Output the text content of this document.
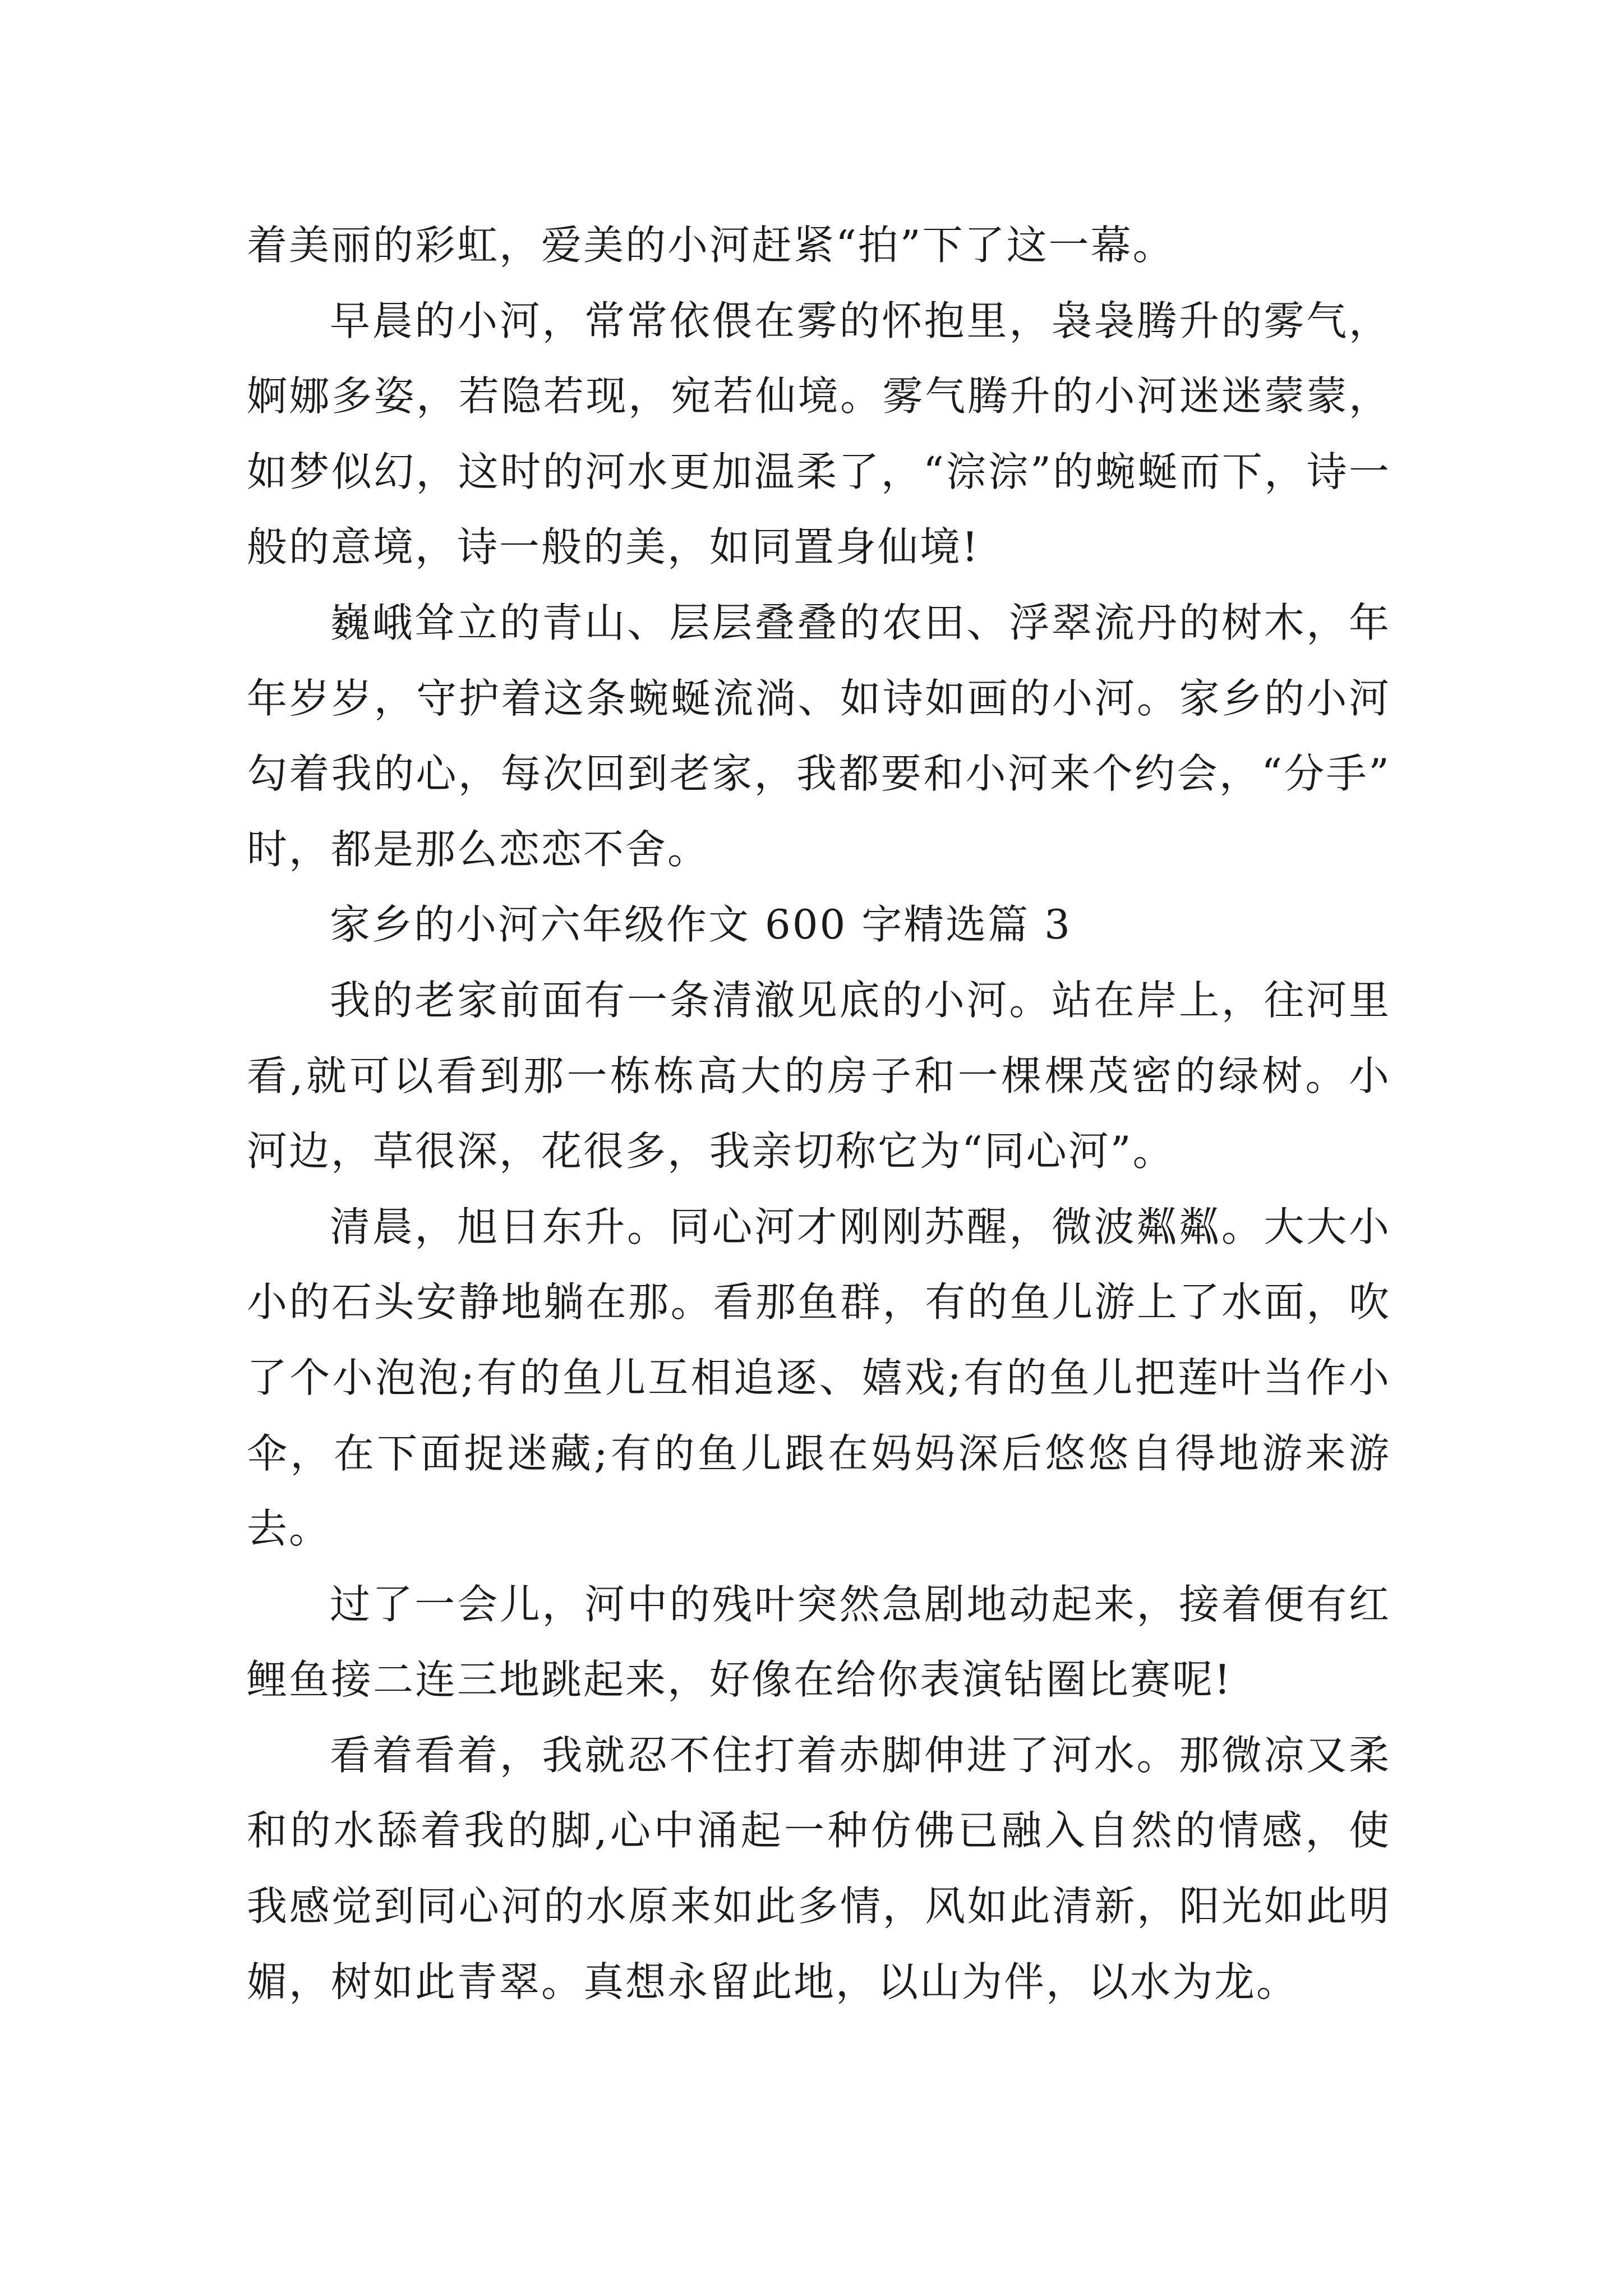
着美丽的彩虹，爱美的小河赶紧“拍”下了这一幕。

早晨的小河，常常依偎在雾的怀抱里，袅袅腾升的雾气，婀娜多姿，若隐若现，宛若仙境。雾气腾升的小河迷迷蒙蒙，如梦似幻，这时的河水更加温柔了，“淙淙”的蜿蜒而下，诗一般的意境，诗一般的美，如同置身仙境!

巍峨耸立的青山、层层叠叠的农田、浮翠流丹的树木，年年岁岁，守护着这条蜿蜒流淌、如诗如画的小河。家乡的小河勾着我的心，每次回到老家，我都要和小河来个约会，“分手”时，都是那么恋恋不舍。

家乡的小河六年级作文 600 字精选篇 3

我的老家前面有一条清澈见底的小河。站在岸上，往河里看,就可以看到那一栋栋高大的房子和一棵棵茂密的绿树。小河边，草很深，花很多，我亲切称它为“同心河”。

清晨，旭日东升。同心河才刚刚苏醒，微波粼粼。大大小小的石头安静地躺在那。看那鱼群，有的鱼儿游上了水面，吹了个小泡泡;有的鱼儿互相追逐、嬉戏;有的鱼儿把莲叶当作小伞，在下面捉迷藏;有的鱼儿跟在妈妈深后悠悠自得地游来游去。

过了一会儿，河中的残叶突然急剧地动起来，接着便有红鲤鱼接二连三地跳起来，好像在给你表演钻圈比赛呢!

看着看着，我就忍不住打着赤脚伸进了河水。那微凉又柔和的水舔着我的脚,心中涌起一种仿佛已融入自然的情感，使我感觉到同心河的水原来如此多情，风如此清新，阳光如此明媚，树如此青翠。真想永留此地，以山为伴，以水为龙。
